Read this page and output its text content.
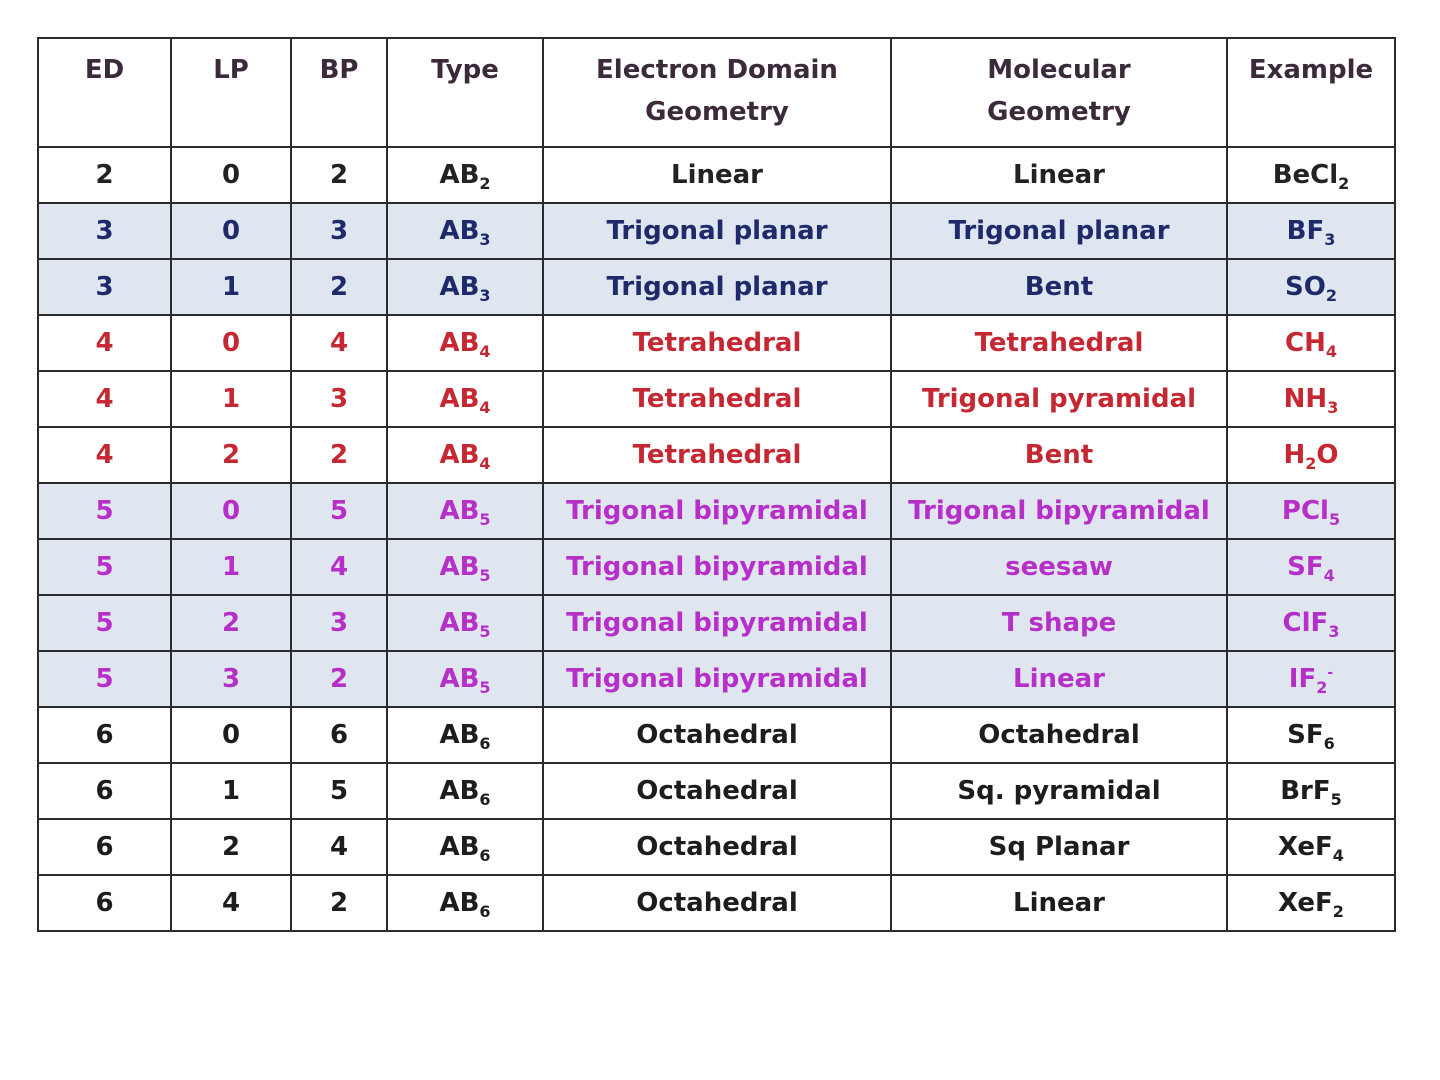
ED	LP	BP	Type	Electron Domain Geometry	Molecular Geometry	Example
2	0	2	$AB_2$	Linear	Linear	BeCl$_2$
3	0	3	$AB_3$	Trigonal planar	Trigonal planar	$BF_3$
3	1	2	$AB_3$	Trigonal planar	Bent	$SO_2$
4	0	4	$AB_4$	Tetrahedral	Tetrahedral	$CH_4$
4	1	3	$AB_4$	Tetrahedral	Trigonal pyramidal	$NH_3$
4	2	2	$AB_4$	Tetrahedral	Bent	$H_2O$
5	0	5	$AB_5$	Trigonal bipyramidal	Trigonal bipyramidal	PCl$_5$
5	1	4	$AB_5$	Trigonal bipyramidal	seesaw	$SF_4$
5	2	3	$AB_5$	Trigonal bipyramidal	T shape	ClF$_3$
5	3	2	$AB_5$	Trigonal bipyramidal	Linear	$IF_2^-$
6	0	6	$AB_6$	Octahedral	Octahedral	$SF_6$
6	1	5	$AB_6$	Octahedral	Sq. pyramidal	BrF$_5$
6	2	4	$AB_6$	Octahedral	Sq Planar	XeF$_4$
6	4	2	$AB_6$	Octahedral	Linear	XeF$_2$
